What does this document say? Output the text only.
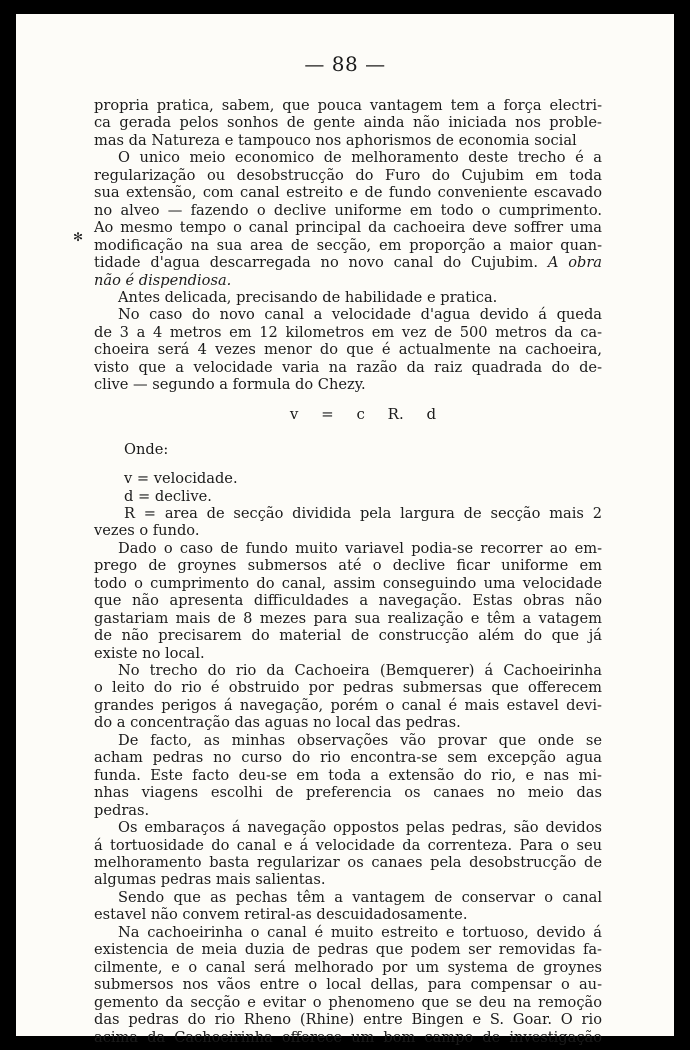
— 88 —
✻
propria pratica, sabem, que pouca vantagem tem a força electri-
ca gerada pelos sonhos de gente ainda não iniciada nos proble-
mas da Natureza e tampouco nos aphorismos de economia social
O unico meio economico de melhoramento deste trecho é a
regularização ou desobstrucção do Furo do Cujubim em toda
sua extensão, com canal estreito e de fundo conveniente escavado
no alveo — fazendo o declive uniforme em todo o cumprimento.
Ao mesmo tempo o canal principal da cachoeira deve soffrer uma
modificação na sua area de secção, em proporção a maior quan-
tidade d'agua descarregada no novo canal do Cujubim. A obra
não é dispendiosa.
Antes delicada, precisando de habilidade e pratica.
No caso do novo canal a velocidade d'agua devido á queda
de 3 a 4 metros em 12 kilometros em vez de 500 metros da ca-
choeira será 4 vezes menor do que é actualmente na cachoeira,
visto que a velocidade varia na razão da raiz quadrada do de-
clive — segundo a formula do Chezy.
v = c R. d
Onde:
v = velocidade.
d = declive.
R = area de secção dividida pela largura de secção mais 2
vezes o fundo.
Dado o caso de fundo muito variavel podia-se recorrer ao em-
prego de groynes submersos até o declive ficar uniforme em
todo o cumprimento do canal, assim conseguindo uma velocidade
que não apresenta difficuldades a navegação. Estas obras não
gastariam mais de 8 mezes para sua realização e têm a vatagem
de não precisarem do material de construcção além do que já
existe no local.
No trecho do rio da Cachoeira (Bemquerer) á Cachoeirinha
o leito do rio é obstruido por pedras submersas que offerecem
grandes perigos á navegação, porém o canal é mais estavel devi-
do a concentração das aguas no local das pedras.
De facto, as minhas observações vão provar que onde se
acham pedras no curso do rio encontra-se sem excepção agua
funda. Este facto deu-se em toda a extensão do rio, e nas mi-
nhas viagens escolhi de preferencia os canaes no meio das
pedras.
Os embaraços á navegação oppostos pelas pedras, são devidos
á tortuosidade do canal e á velocidade da correnteza. Para o seu
melhoramento basta regularizar os canaes pela desobstrucção de
algumas pedras mais salientas.
Sendo que as pechas têm a vantagem de conservar o canal
estavel não convem retiral-as descuidadosamente.
Na cachoeirinha o canal é muito estreito e tortuoso, devido á
existencia de meia duzia de pedras que podem ser removidas fa-
cilmente, e o canal será melhorado por um systema de groynes
submersos nos vãos entre o local dellas, para compensar o au-
gemento da secção e evitar o phenomeno que se deu na remoção
das pedras do rio Rheno (Rhine) entre Bingen e S. Goar. O rio
acima da Cachoeirinha offerece um bom campo de investigação
